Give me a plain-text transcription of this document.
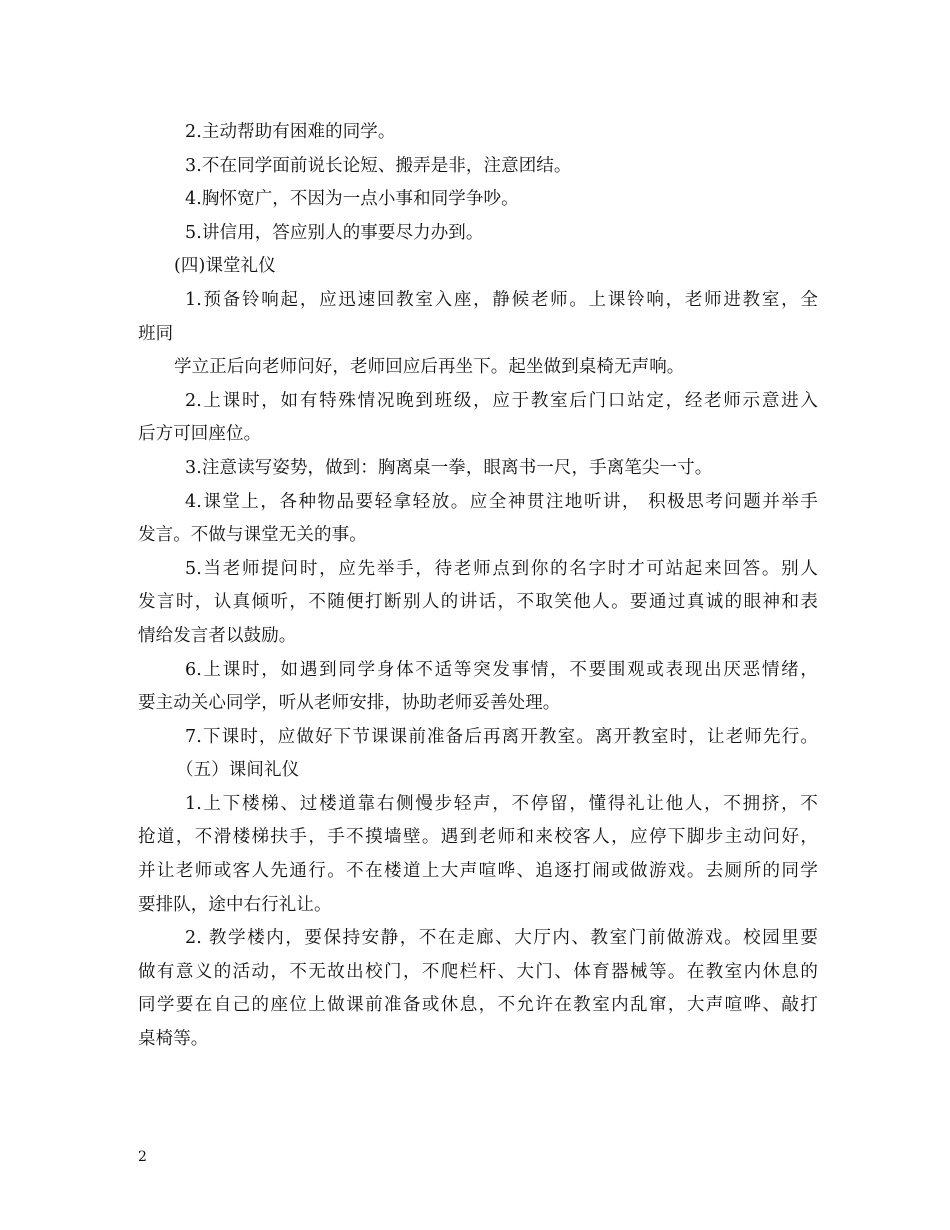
2.主动帮助有困难的同学。
3.不在同学面前说长论短、搬弄是非，注意团结。
4.胸怀宽广，不因为一点小事和同学争吵。
5.讲信用，答应别人的事要尽力办到。
(四)课堂礼仪
1.预备铃响起，应迅速回教室入座，静候老师。上课铃响，老师进教室，全
班同
学立正后向老师问好，老师回应后再坐下。起坐做到桌椅无声响。
2.上课时，如有特殊情况晚到班级，应于教室后门口站定，经老师示意进入
后方可回座位。
3.注意读写姿势，做到：胸离桌一拳，眼离书一尺，手离笔尖一寸。
4.课堂上，各种物品要轻拿轻放。应全神贯注地听讲， 积极思考问题并举手
发言。不做与课堂无关的事。
5.当老师提问时，应先举手，待老师点到你的名字时才可站起来回答。别人
发言时，认真倾听，不随便打断别人的讲话，不取笑他人。要通过真诚的眼神和表
情给发言者以鼓励。
6.上课时，如遇到同学身体不适等突发事情，不要围观或表现出厌恶情绪，
要主动关心同学，听从老师安排，协助老师妥善处理。
7.下课时，应做好下节课课前准备后再离开教室。离开教室时，让老师先行。
（五）课间礼仪
1.上下楼梯、过楼道靠右侧慢步轻声，不停留，懂得礼让他人，不拥挤，不
抢道，不滑楼梯扶手，手不摸墙壁。遇到老师和来校客人，应停下脚步主动问好，
并让老师或客人先通行。不在楼道上大声喧哗、追逐打闹或做游戏。去厕所的同学
要排队，途中右行礼让。
2. 教学楼内，要保持安静，不在走廊、大厅内、教室门前做游戏。校园里要
做有意义的活动，不无故出校门，不爬栏杆、大门、体育器械等。在教室内休息的
同学要在自己的座位上做课前准备或休息，不允许在教室内乱窜，大声喧哗、敲打
桌椅等。
2
